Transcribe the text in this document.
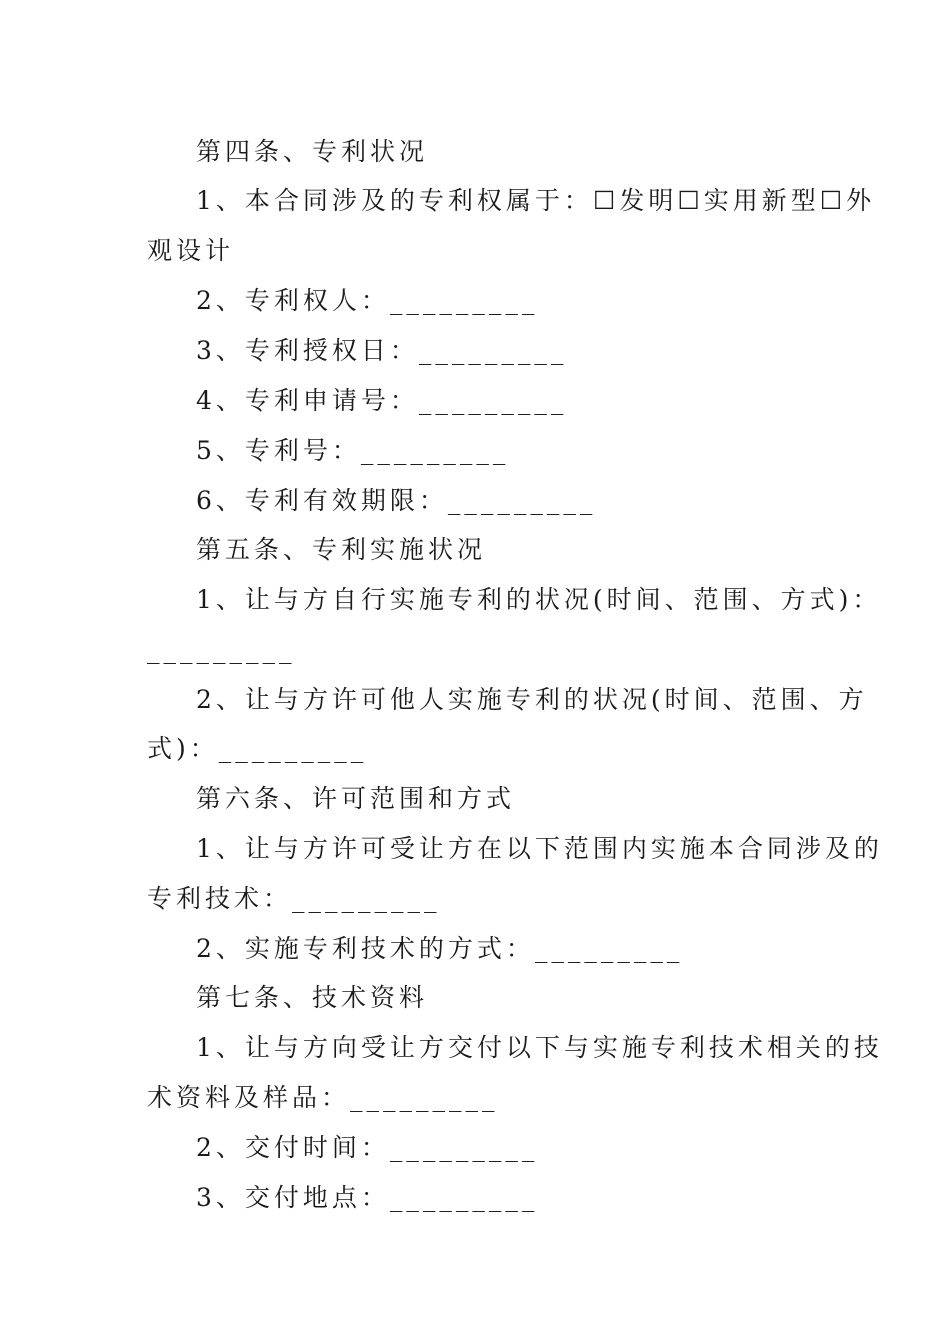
第四条、专利状况
1、本合同涉及的专利权属于：☐发明☐实用新型☐外
观设计
2、专利权人：_________
3、专利授权日：_________
4、专利申请号：_________
5、专利号：_________
6、专利有效期限：_________
第五条、专利实施状况
1、让与方自行实施专利的状况(时间、范围、方式)：
_________
2、让与方许可他人实施专利的状况(时间、范围、方
式)：_________
第六条、许可范围和方式
1、让与方许可受让方在以下范围内实施本合同涉及的
专利技术：_________
2、实施专利技术的方式：_________
第七条、技术资料
1、让与方向受让方交付以下与实施专利技术相关的技
术资料及样品：_________
2、交付时间：_________
3、交付地点：_________
